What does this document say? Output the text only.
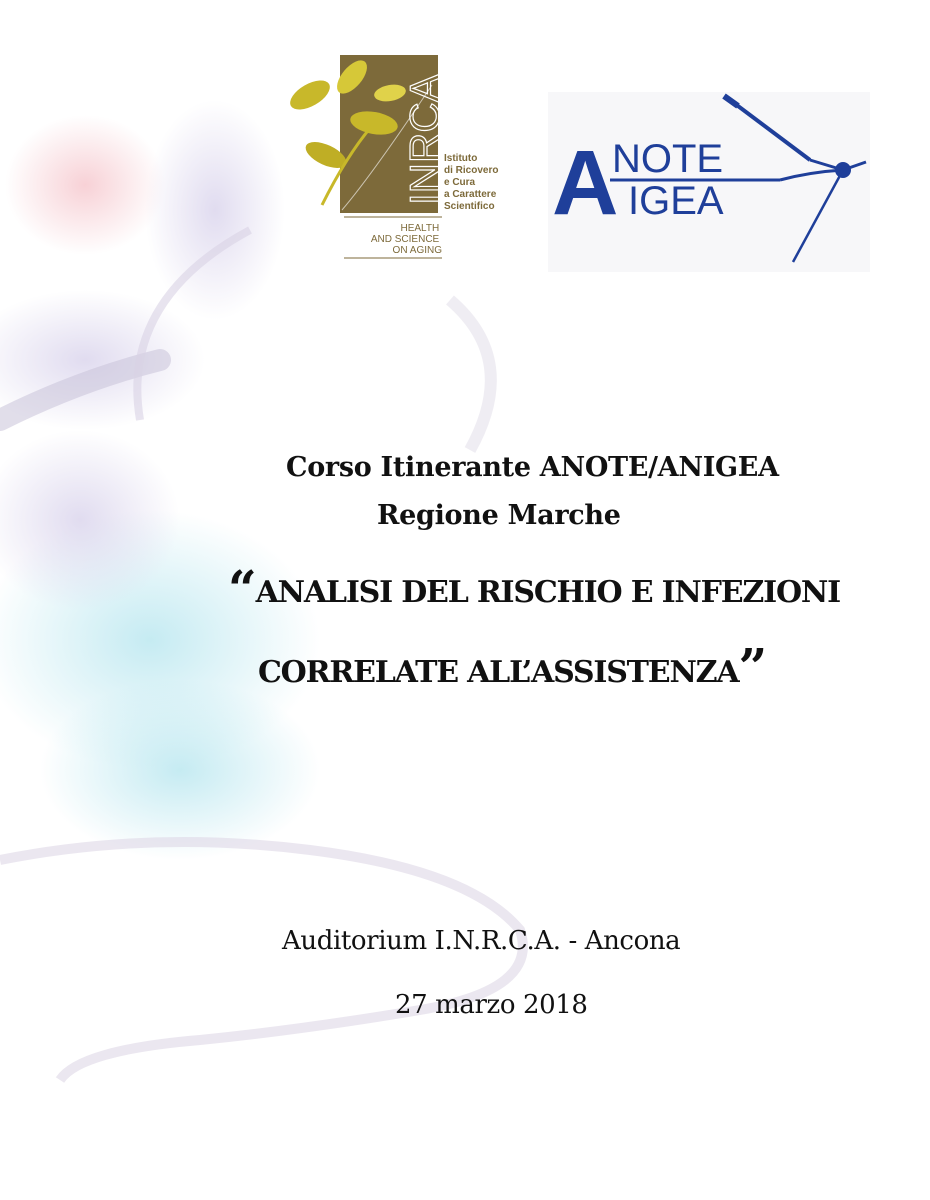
INRCA
Istituto di Ricovero e Cura a Carattere Scientifico
HEALTH AND SCIENCE ON AGING
A
NOTE
IGEA
Corso Itinerante ANOTE/ANIGEA
Regione Marche
“ANALISI DEL RISCHIO E INFEZIONI
CORRELATE ALL’ASSISTENZA”
Auditorium I.N.R.C.A. - Ancona
27 marzo 2018
